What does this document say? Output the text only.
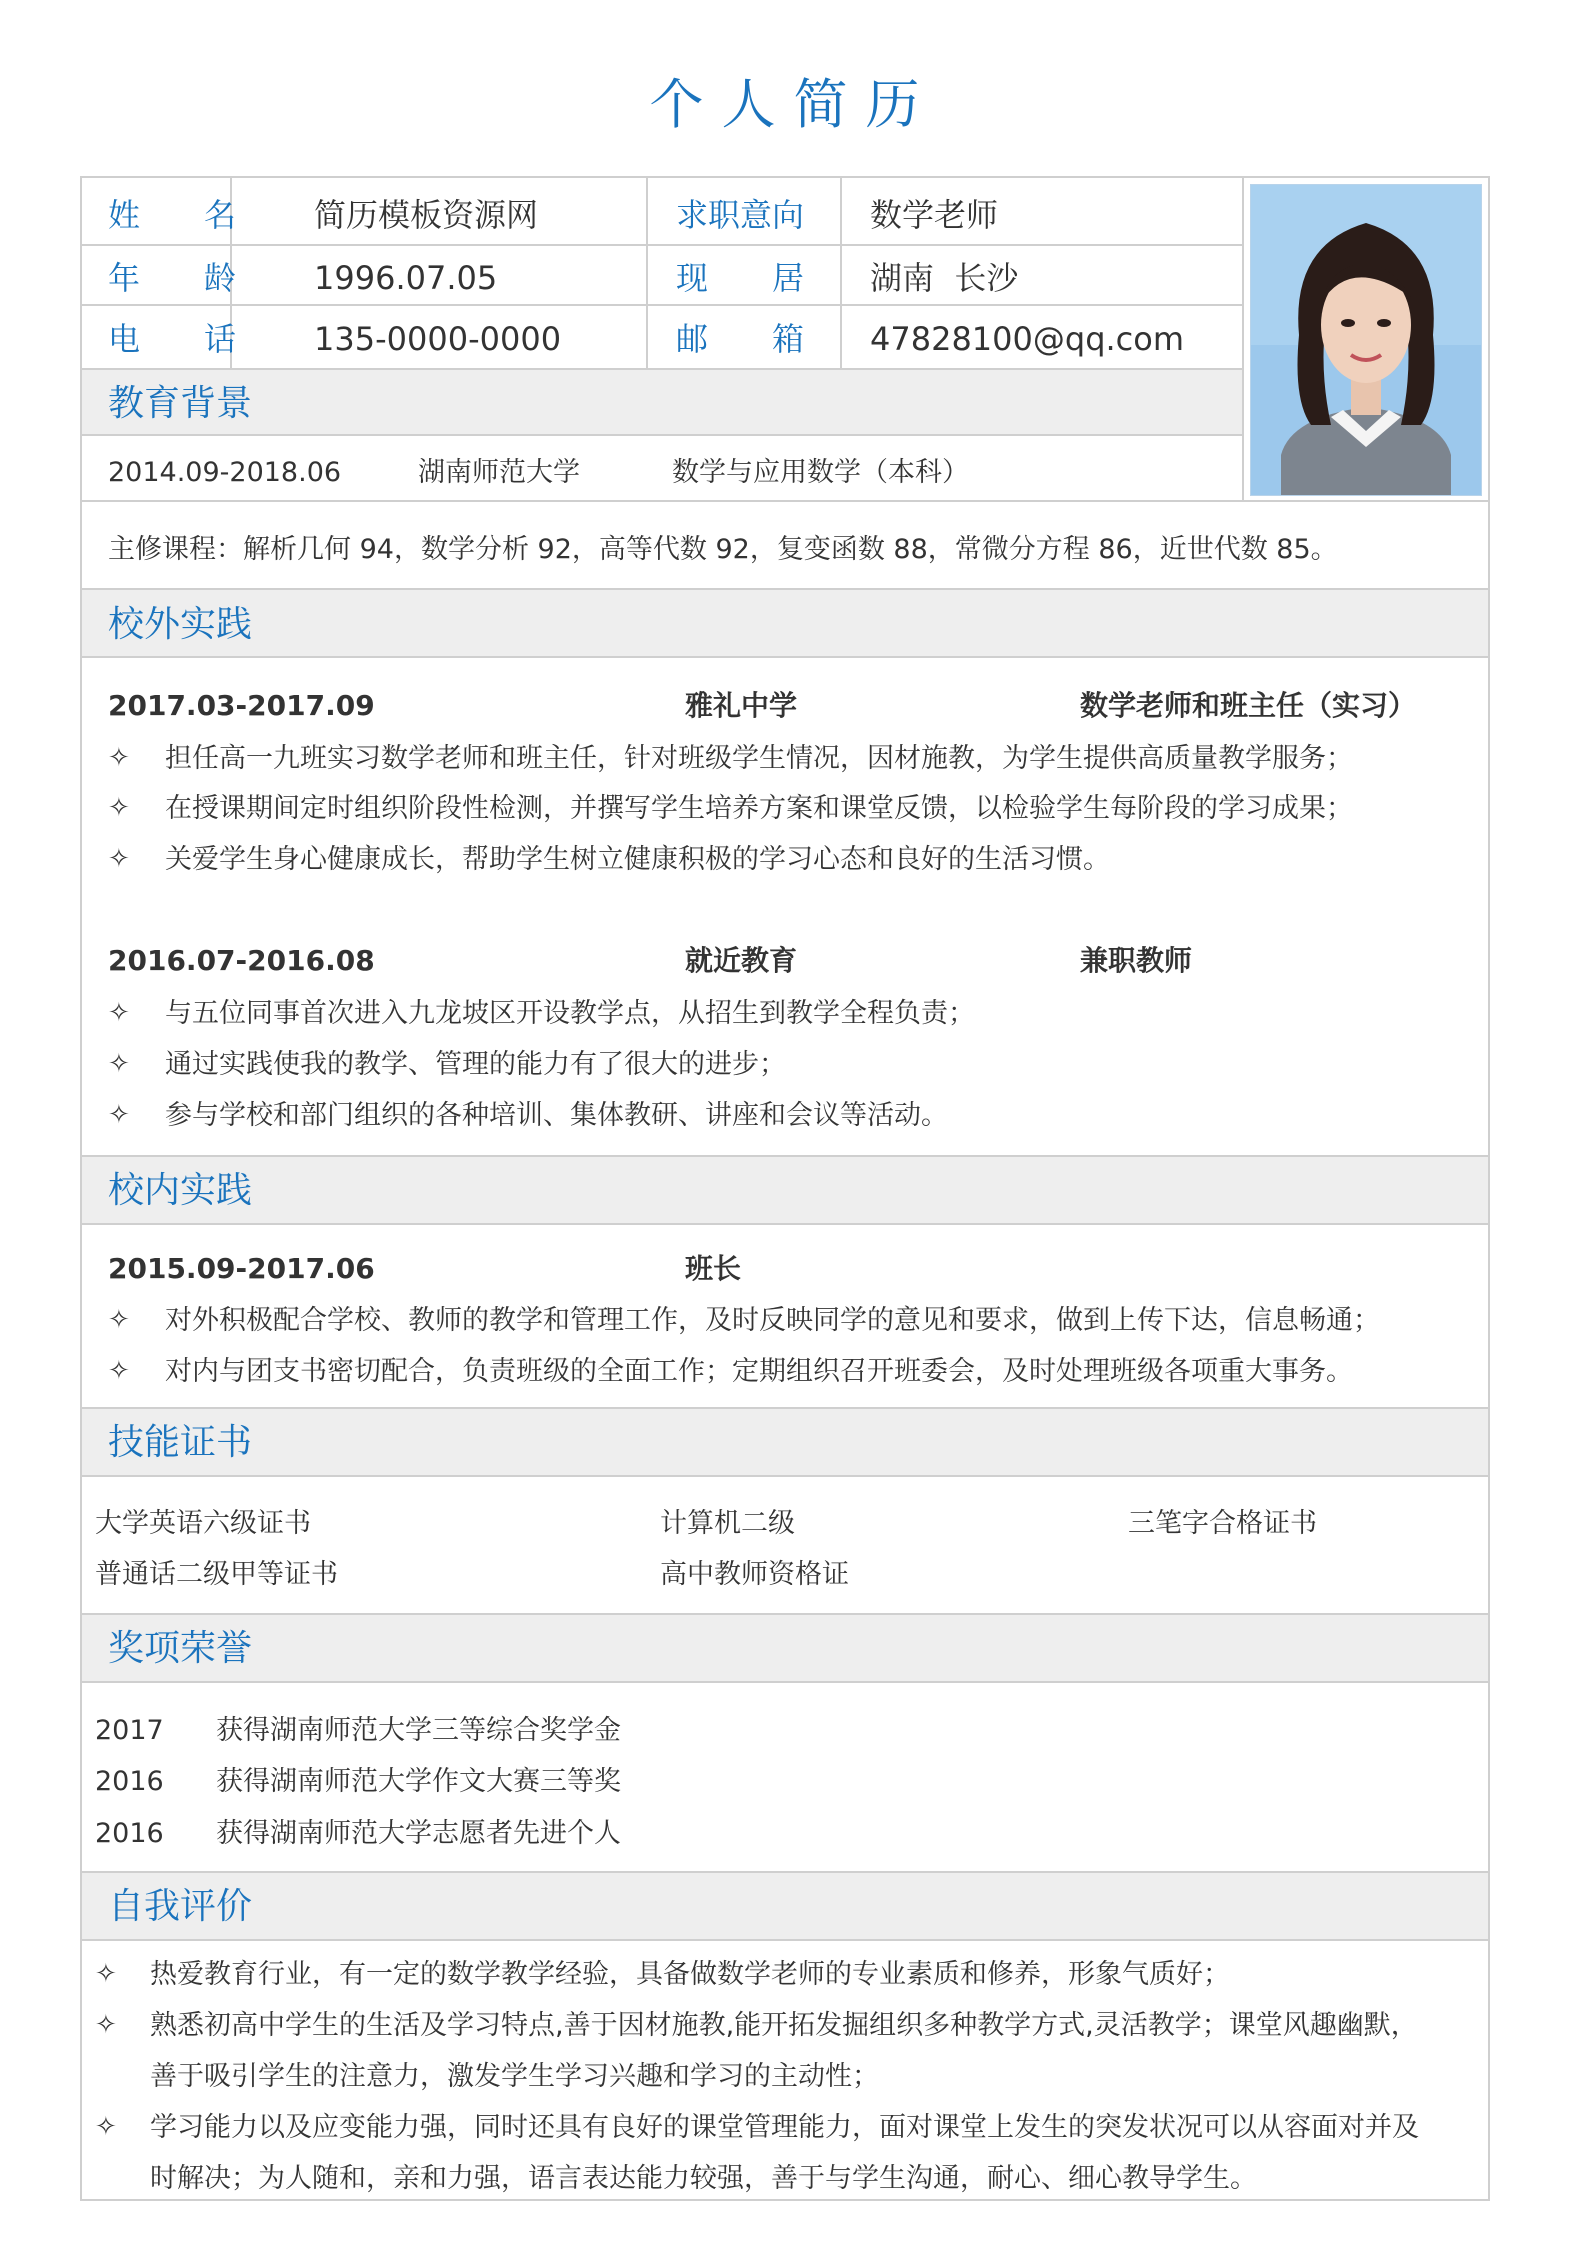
个人简历
姓 名 简历模板资源网	求职意向 数学老师
年 龄 1996.07.05	现 居 湖南  长沙
电 话 135-0000-0000	邮 箱 47828100@qq.com
教育背景
2014.09-2018.06	湖南师范大学	数学与应用数学（本科）
主修课程：解析几何 94，数学分析 92，高等代数 92，复变函数 88，常微分方程 86，近世代数 85。
校外实践
2017.03-2017.09	雅礼中学	数学老师和班主任（实习）
✧ 担任高一九班实习数学老师和班主任，针对班级学生情况，因材施教，为学生提供高质量教学服务；
✧ 在授课期间定时组织阶段性检测，并撰写学生培养方案和课堂反馈，以检验学生每阶段的学习成果；
✧ 关爱学生身心健康成长，帮助学生树立健康积极的学习心态和良好的生活习惯。
2016.07-2016.08	就近教育	兼职教师
✧ 与五位同事首次进入九龙坡区开设教学点，从招生到教学全程负责；
✧ 通过实践使我的教学、管理的能力有了很大的进步；
✧ 参与学校和部门组织的各种培训、集体教研、讲座和会议等活动。
校内实践
2015.09-2017.06	班长
✧ 对外积极配合学校、教师的教学和管理工作，及时反映同学的意见和要求，做到上传下达，信息畅通；
✧ 对内与团支书密切配合，负责班级的全面工作；定期组织召开班委会，及时处理班级各项重大事务。
技能证书
大学英语六级证书	计算机二级	三笔字合格证书
普通话二级甲等证书	高中教师资格证
奖项荣誉
2017 获得湖南师范大学三等综合奖学金
2016 获得湖南师范大学作文大赛三等奖
2016 获得湖南师范大学志愿者先进个人
自我评价
✧ 热爱教育行业，有一定的数学教学经验，具备做数学老师的专业素质和修养，形象气质好；
✧ 熟悉初高中学生的生活及学习特点,善于因材施教,能开拓发掘组织多种教学方式,灵活教学；课堂风趣幽默，
善于吸引学生的注意力，激发学生学习兴趣和学习的主动性；
✧ 学习能力以及应变能力强，同时还具有良好的课堂管理能力，面对课堂上发生的突发状况可以从容面对并及
时解决；为人随和，亲和力强，语言表达能力较强，善于与学生沟通，耐心、细心教导学生。
